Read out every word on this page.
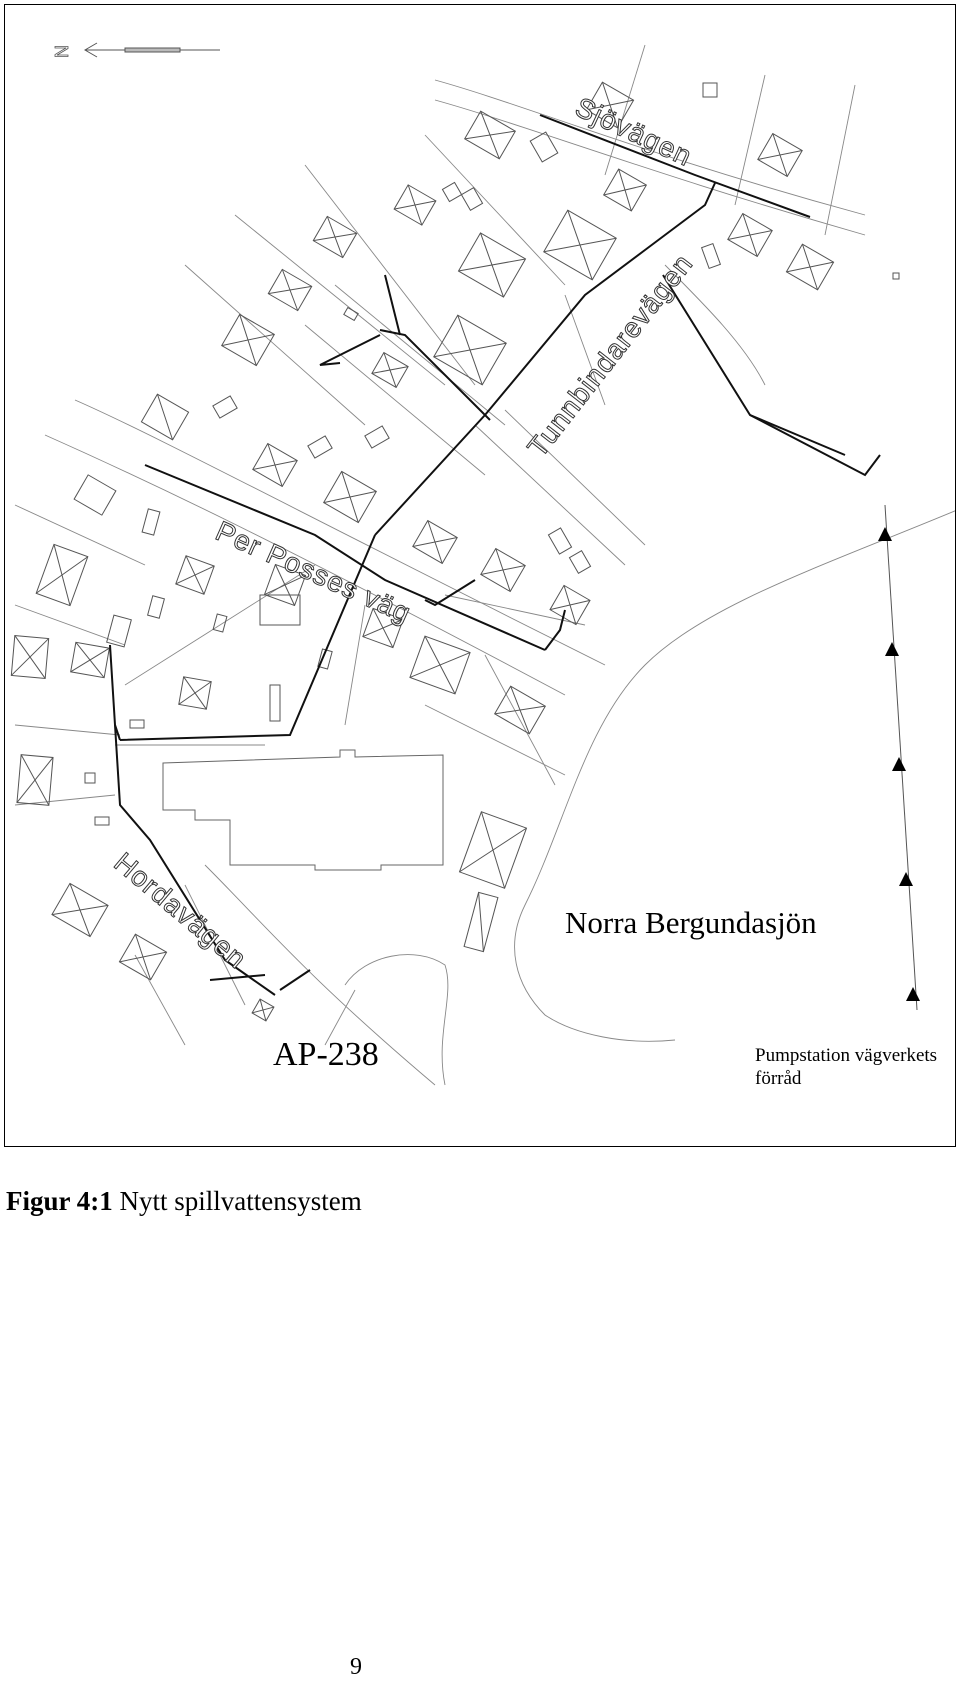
N
Sjövägen
Tunnbindarevägen
Per Posses väg
Hordavägen	Norra Bergundasjön
AP-238	Pumpstation vägverkets
förråd
Figur 4:1 Nytt spillvattensystem
9
